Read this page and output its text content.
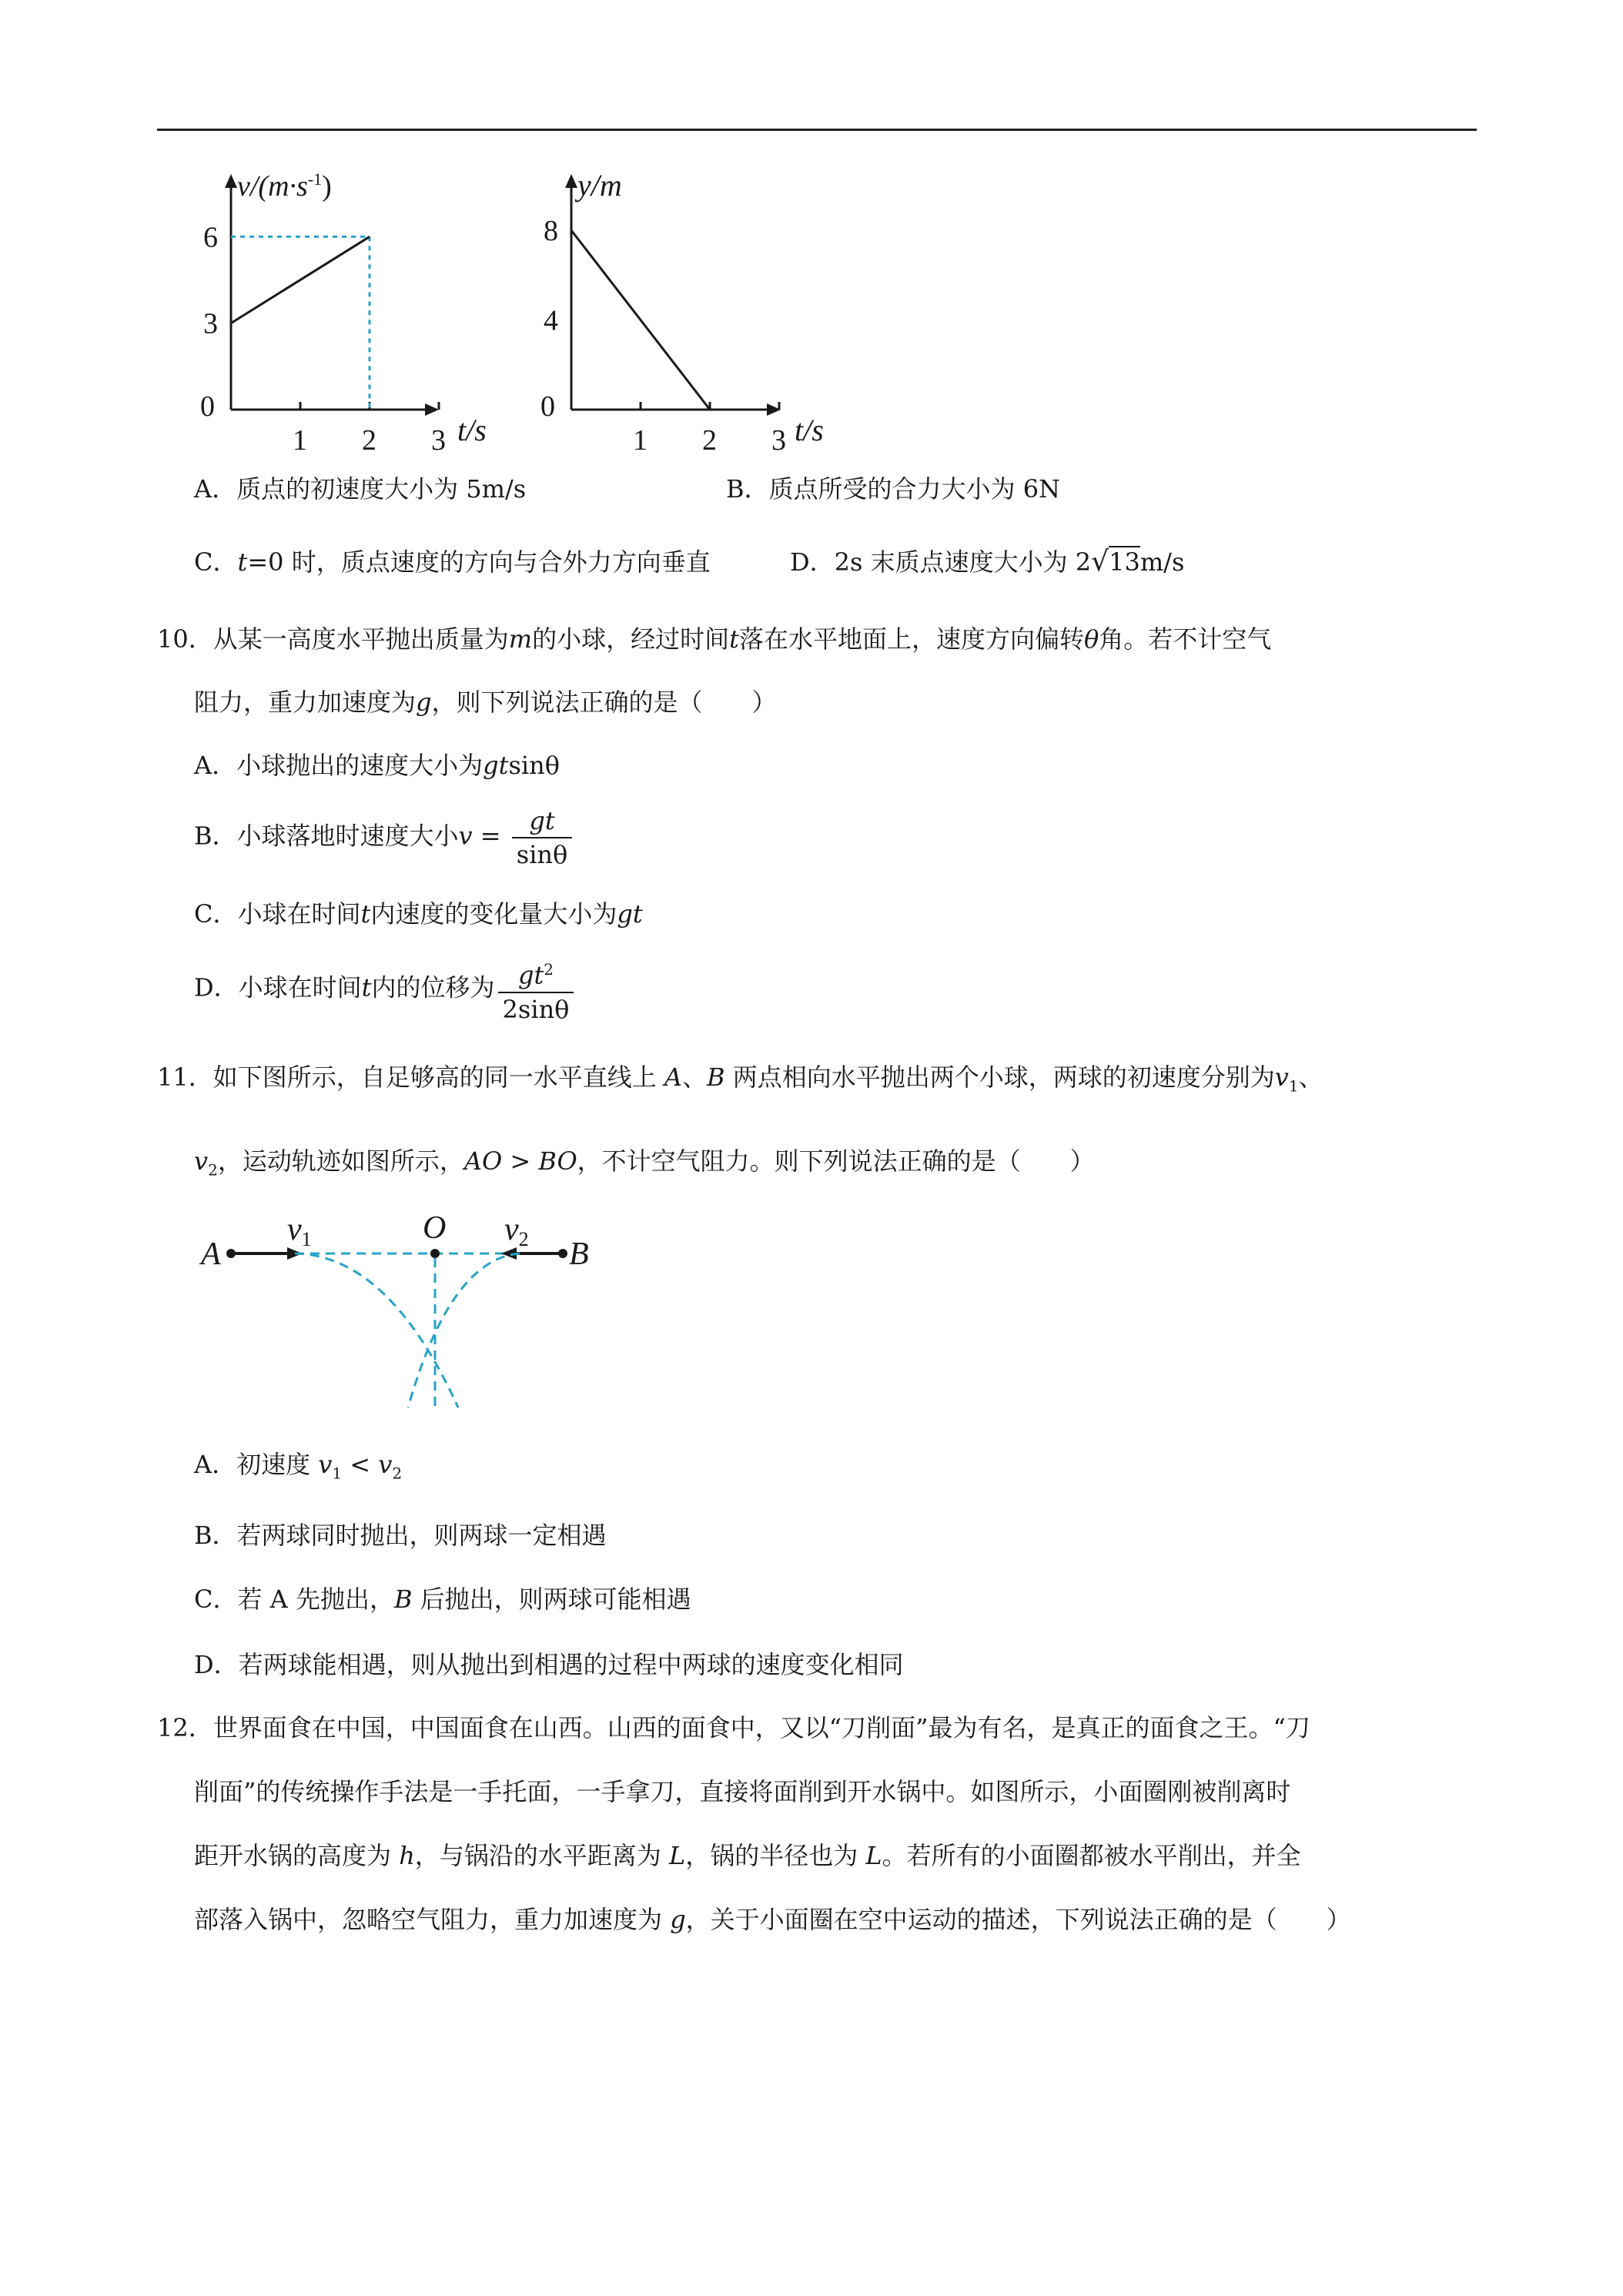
1 2 3
3
6
$v/(m\cdot s^{-1})$
t/s
0
1 2 3
4
8
y/m
t/s
0
A．质点的初速度大小为 5m/s	B．质点所受的合力大小为 6N
C．t=0 时，质点速度的方向与合外力方向垂直	D．2s 末质点速度大小为 2√13m/s
10．从某一高度水平抛出质量为m的小球，经过时间t落在水平地面上，速度方向偏转θ角。若不计空气
阻力，重力加速度为g，则下列说法正确的是（　　）
A．小球抛出的速度大小为gtsinθ
B．小球落地时速度大小$v = \frac{gt}{\sin\theta}$
C．小球在时间t内速度的变化量大小为gt
D．小球在时间t内的位移为 $\frac{gt^2}{2\sin\theta}$
11．如下图所示，自足够高的同一水平直线上 A、B 两点相向水平抛出两个小球，两球的初速度分别为$v_1$、
$v_2$，运动轨迹如图所示，AO > BO，不计空气阻力。则下列说法正确的是（　　）
A	B
O
v1	v2
A．初速度 $v_1 < v_2$
B．若两球同时抛出，则两球一定相遇
C．若 A 先抛出，B 后抛出，则两球可能相遇
D．若两球能相遇，则从抛出到相遇的过程中两球的速度变化相同
12．世界面食在中国，中国面食在山西。山西的面食中，又以“刀削面”最为有名，是真正的面食之王。“刀
削面”的传统操作手法是一手托面，一手拿刀，直接将面削到开水锅中。如图所示，小面圈刚被削离时
距开水锅的高度为 h，与锅沿的水平距离为 L，锅的半径也为 L。若所有的小面圈都被水平削出，并全
部落入锅中，忽略空气阻力，重力加速度为 g，关于小面圈在空中运动的描述，下列说法正确的是（　　）
